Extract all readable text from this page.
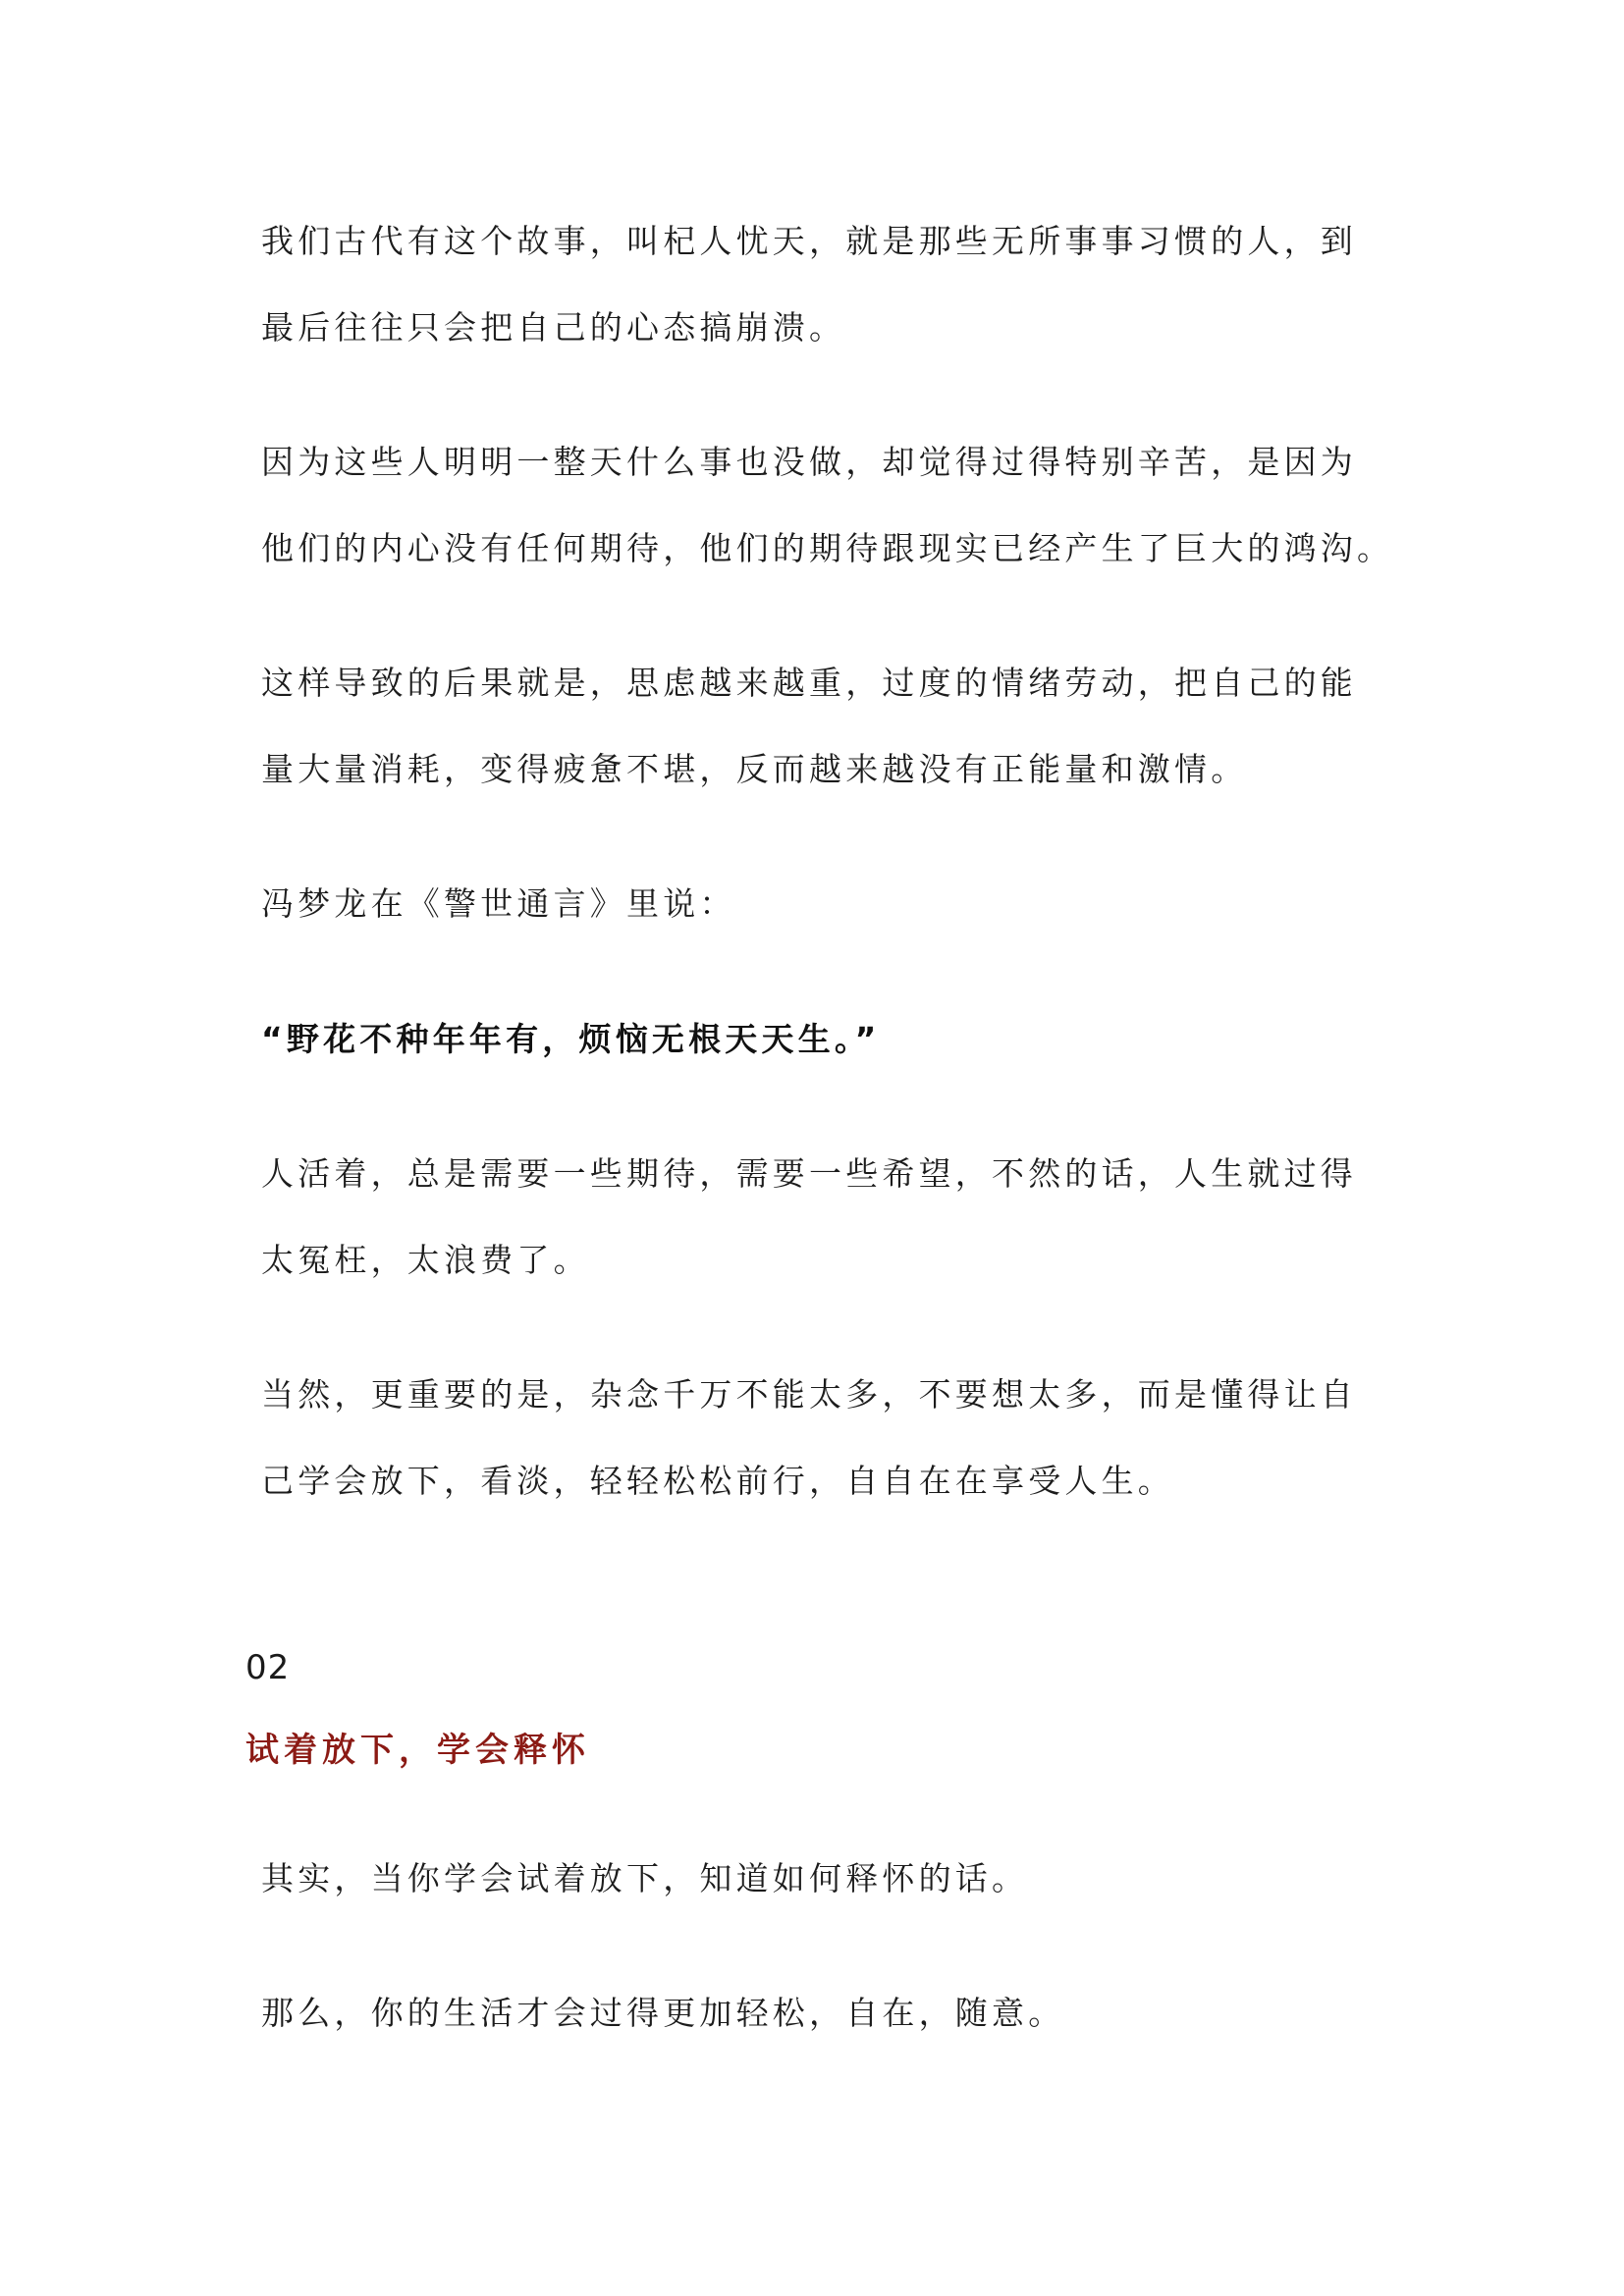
我们古代有这个故事，叫杞人忧天，就是那些无所事事习惯的人，到
最后往往只会把自己的心态搞崩溃。
因为这些人明明一整天什么事也没做，却觉得过得特别辛苦，是因为
他们的内心没有任何期待，他们的期待跟现实已经产生了巨大的鸿沟。
这样导致的后果就是，思虑越来越重，过度的情绪劳动，把自己的能
量大量消耗，变得疲惫不堪，反而越来越没有正能量和激情。
冯梦龙在《警世通言》里说：
“野花不种年年有，烦恼无根天天生。”
人活着，总是需要一些期待，需要一些希望，不然的话，人生就过得
太冤枉，太浪费了。
当然，更重要的是，杂念千万不能太多，不要想太多，而是懂得让自
己学会放下，看淡，轻轻松松前行，自自在在享受人生。
02
试着放下，学会释怀
其实，当你学会试着放下，知道如何释怀的话。
那么，你的生活才会过得更加轻松，自在，随意。
